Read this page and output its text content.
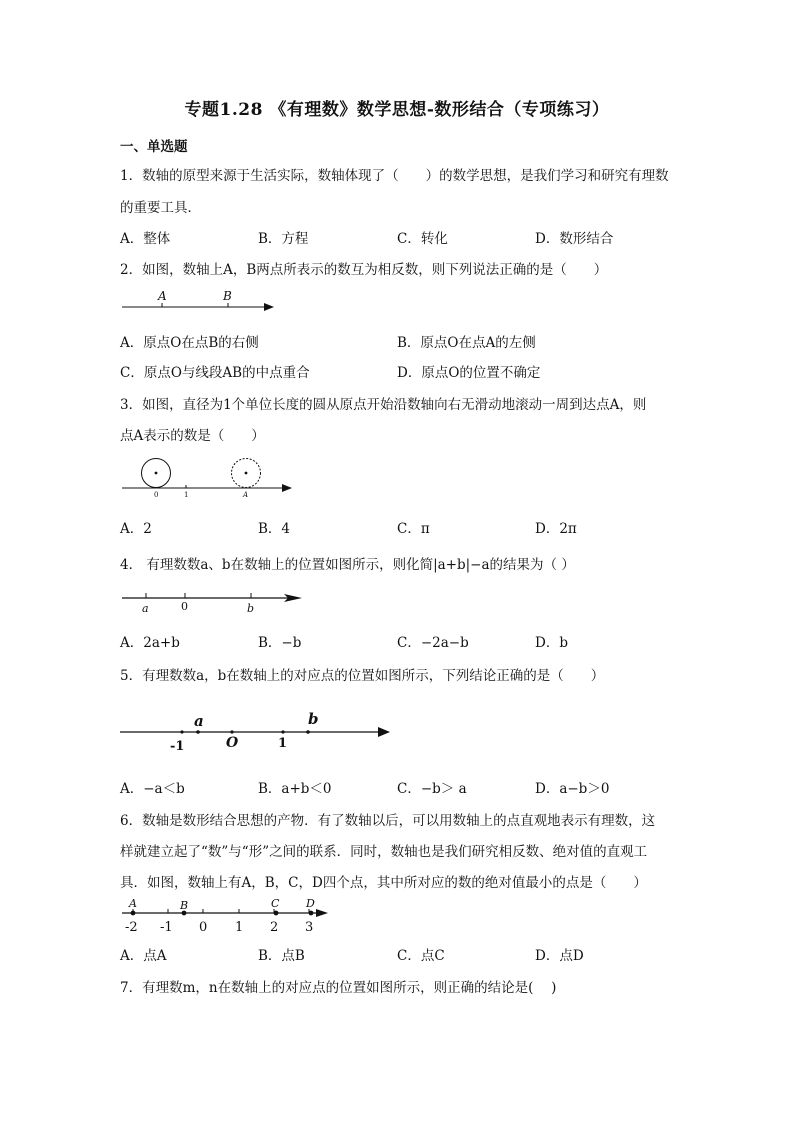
专题1.28 《有理数》数学思想-数形结合（专项练习）
一、单选题
1．数轴的原型来源于生活实际，数轴体现了（　　）的数学思想，是我们学习和研究有理数
的重要工具．
A．整体	B．方程	C．转化	D．数形结合
2．如图，数轴上A，B两点所表示的数互为相反数，则下列说法正确的是（　　）
A	B
A．原点O在点B的右侧	B．原点O在点A的左侧
C．原点O与线段AB的中点重合	D．原点O的位置不确定
3．如图，直径为1个单位长度的圆从原点开始沿数轴向右无滑动地滚动一周到达点A，则
点A表示的数是（　　）
0	1	A
A．2	B．4	C．π	D．2π
4． 有理数数a、b在数轴上的位置如图所示，则化简|a+b|−a的结果为（ ）
a	0	b
A．2a+b	B．−b	C．−2a−b	D．b
5．有理数数a，b在数轴上的对应点的位置如图所示，下列结论正确的是（　　）
a	b
-1	O	1
A．−a＜b	B．a+b＜0	C．−b＞ a	D．a−b＞0
6．数轴是数形结合思想的产物．有了数轴以后，可以用数轴上的点直观地表示有理数，这
样就建立起了“数”与“形”之间的联系．同时，数轴也是我们研究相反数、绝对值的直观工
具．如图，数轴上有A，B，C，D四个点，其中所对应的数的绝对值最小的点是（　　）
A	B	C D
-2 -1 0 1 2 3
A．点A	B．点B	C．点C	D．点D
7．有理数m，n在数轴上的对应点的位置如图所示，则正确的结论是(　 )
